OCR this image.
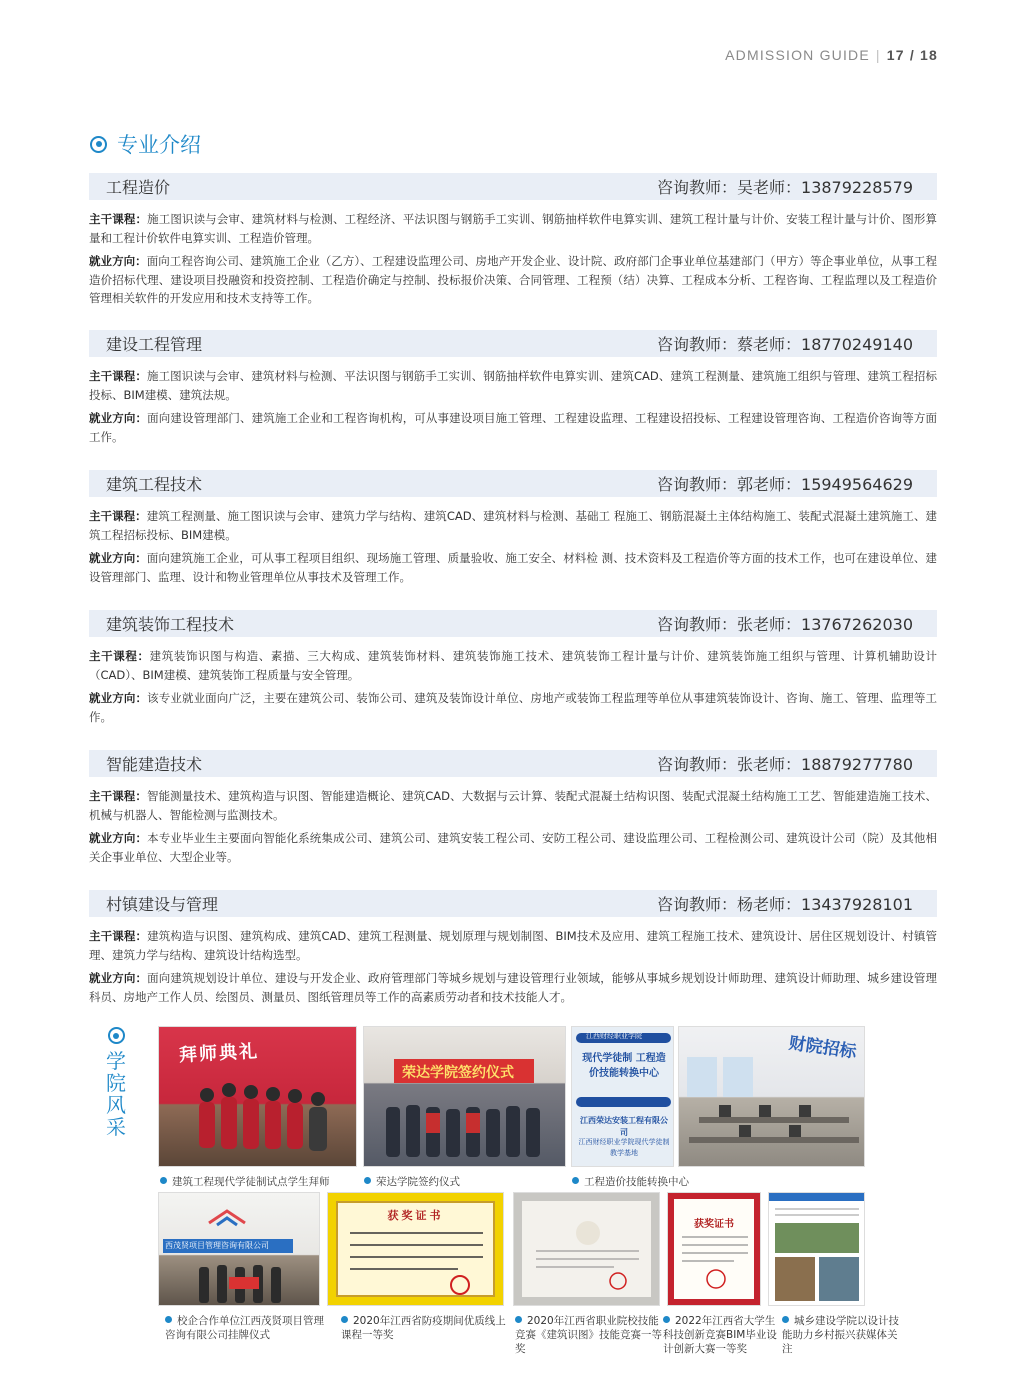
ADMISSION GUIDE | 17 / 18
专业介绍
工程造价	咨询教师：吴老师：13879228579

主干课程：施工图识读与会审、建筑材料与检测、工程经济、平法识图与钢筋手工实训、钢筋抽样软件电算实训、建筑工程计量与计价、安装工程计量与计价、图形算量和工程计价软件电算实训、工程造价管理。

就业方向：面向工程咨询公司、建筑施工企业（乙方）、工程建设监理公司、房地产开发企业、设计院、政府部门企事业单位基建部门（甲方）等企事业单位，从事工程造价招标代理、建设项目投融资和投资控制、工程造价确定与控制、投标报价决策、合同管理、工程预（结）决算、工程成本分析、工程咨询、工程监理以及工程造价管理相关软件的开发应用和技术支持等工作。

建设工程管理	咨询教师：蔡老师：18770249140

主干课程：施工图识读与会审、建筑材料与检测、平法识图与钢筋手工实训、钢筋抽样软件电算实训、建筑CAD、建筑工程测量、建筑施工组织与管理、建筑工程招标投标、BIM建模、建筑法规。

就业方向：面向建设管理部门、建筑施工企业和工程咨询机构，可从事建设项目施工管理、工程建设监理、工程建设招投标、工程建设管理咨询、工程造价咨询等方面工作。

建筑工程技术	咨询教师：郭老师：15949564629

主干课程：建筑工程测量、施工图识读与会审、建筑力学与结构、建筑CAD、建筑材料与检测、基础工 程施工、钢筋混凝土主体结构施工、装配式混凝土建筑施工、建筑工程招标投标、BIM建模。

就业方向：面向建筑施工企业，可从事工程项目组织、现场施工管理、质量验收、施工安全、材料检 测、技术资料及工程造价等方面的技术工作，也可在建设单位、建设管理部门、监理、设计和物业管理单位从事技术及管理工作。

建筑装饰工程技术	咨询教师：张老师：13767262030

主干课程：建筑装饰识图与构造、素描、三大构成、建筑装饰材料、建筑装饰施工技术、建筑装饰工程计量与计价、建筑装饰施工组织与管理、计算机辅助设计（CAD）、BIM建模、建筑装饰工程质量与安全管理。

就业方向：该专业就业面向广泛，主要在建筑公司、装饰公司、建筑及装饰设计单位、房地产或装饰工程监理等单位从事建筑装饰设计、咨询、施工、管理、监理等工作。

智能建造技术	咨询教师：张老师：18879277780

主干课程：智能测量技术、建筑构造与识图、智能建造概论、建筑CAD、大数据与云计算、装配式混凝土结构识图、装配式混凝土结构施工工艺、智能建造施工技术、机械与机器人、智能检测与监测技术。

就业方向：本专业毕业生主要面向智能化系统集成公司、建筑公司、建筑安装工程公司、安防工程公司、建设监理公司、工程检测公司、建筑设计公司（院）及其他相关企事业单位、大型企业等。

村镇建设与管理	咨询教师：杨老师：13437928101

主干课程：建筑构造与识图、建筑构成、建筑CAD、建筑工程测量、规划原理与规划制图、BIM技术及应用、建筑工程施工技术、建筑设计、居住区规划设计、村镇管理、建筑力学与结构、建筑设计结构选型。

就业方向：面向建筑规划设计单位、建设与开发企业、政府管理部门等城乡规划与建设管理行业领域，能够从事城乡规划设计师助理、建筑设计师助理、城乡建设管理科员、房地产工作人员、绘图员、测量员、图纸管理员等工作的高素质劳动者和技术技能人才。

学
院
风
采
拜师典礼
荣达学院签约仪式
江西财经职业学院
现代学徒制 工程造价技能转换中心
江西荣达安装工程有限公司
江西财经职业学院现代学徒制教学基地
财院招标
建筑工程现代学徒制试点学生拜师	荣达学院签约仪式	工程造价技能转换中心
西茂贤项目管理咨询有限公司
获奖证书
获奖证书
校企合作单位江西茂贤项目管理咨询有限公司挂牌仪式
2020年江西省防疫期间优质线上课程一等奖
2020年江西省职业院校技能竞赛《建筑识图》技能竞赛一等奖
2022年江西省大学生科技创新竞赛BIM毕业设计创新大赛一等奖
城乡建设学院以设计技能助力乡村振兴获媒体关注
